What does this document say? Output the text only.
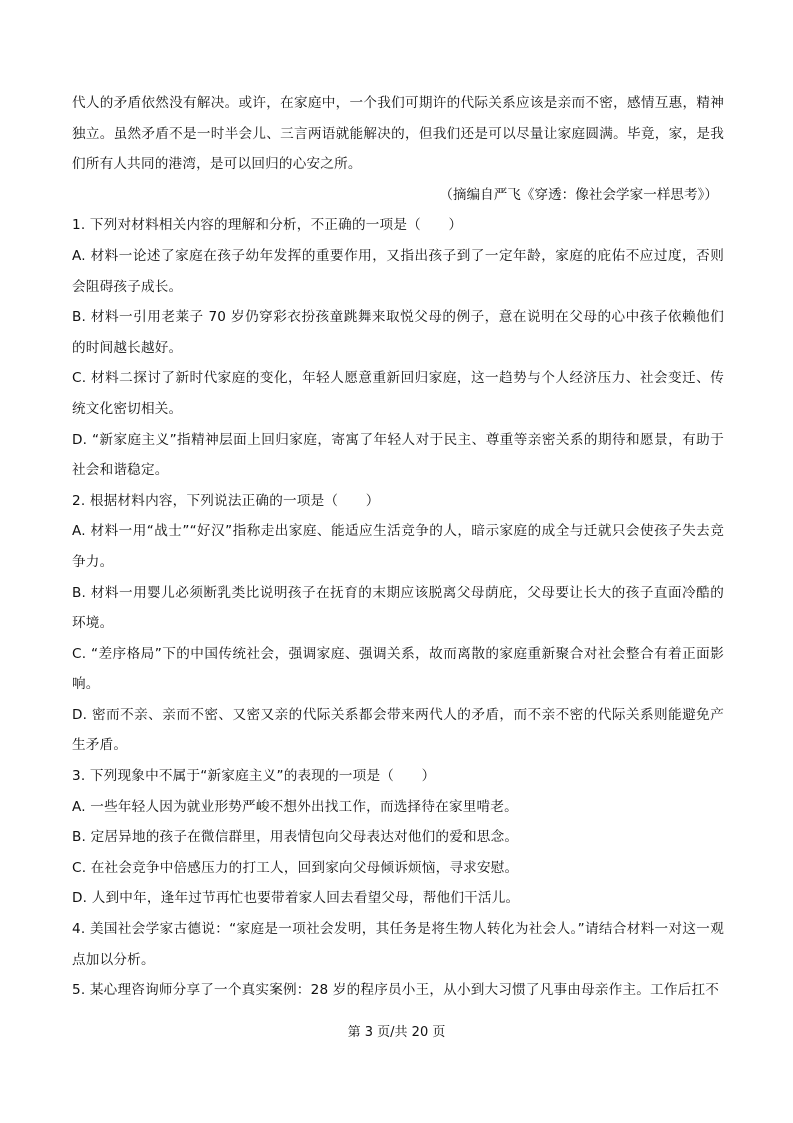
代人的矛盾依然没有解决。或许，在家庭中，一个我们可期许的代际关系应该是亲而不密，感情互惠，精神独立。虽然矛盾不是一时半会儿、三言两语就能解决的，但我们还是可以尽量让家庭圆满。毕竟，家，是我们所有人共同的港湾，是可以回归的心安之所。

（摘编自严飞《穿透：像社会学家一样思考》）

1. 下列对材料相关内容的理解和分析，不正确的一项是（　　）

A. 材料一论述了家庭在孩子幼年发挥的重要作用，又指出孩子到了一定年龄，家庭的庇佑不应过度，否则会阻碍孩子成长。

B. 材料一引用老莱子 70 岁仍穿彩衣扮孩童跳舞来取悦父母的例子，意在说明在父母的心中孩子依赖他们的时间越长越好。

C. 材料二探讨了新时代家庭的变化，年轻人愿意重新回归家庭，这一趋势与个人经济压力、社会变迁、传统文化密切相关。

D. “新家庭主义”指精神层面上回归家庭，寄寓了年轻人对于民主、尊重等亲密关系的期待和愿景，有助于社会和谐稳定。

2. 根据材料内容，下列说法正确的一项是（　　）

A. 材料一用“战士”“好汉”指称走出家庭、能适应生活竞争的人，暗示家庭的成全与迁就只会使孩子失去竞争力。

B. 材料一用婴儿必须断乳类比说明孩子在抚育的末期应该脱离父母荫庇，父母要让长大的孩子直面冷酷的环境。

C. “差序格局”下的中国传统社会，强调家庭、强调关系，故而离散的家庭重新聚合对社会整合有着正面影响。

D. 密而不亲、亲而不密、又密又亲的代际关系都会带来两代人的矛盾，而不亲不密的代际关系则能避免产生矛盾。

3. 下列现象中不属于“新家庭主义”的表现的一项是（　　）

A. 一些年轻人因为就业形势严峻不想外出找工作，而选择待在家里啃老。

B. 定居异地的孩子在微信群里，用表情包向父母表达对他们的爱和思念。

C. 在社会竞争中倍感压力的打工人，回到家向父母倾诉烦恼，寻求安慰。

D. 人到中年，逢年过节再忙也要带着家人回去看望父母，帮他们干活儿。

4. 美国社会学家古德说：“家庭是一项社会发明，其任务是将生物人转化为社会人。”请结合材料一对这一观点加以分析。

5. 某心理咨询师分享了一个真实案例：28 岁的程序员小王，从小到大习惯了凡事由母亲作主。工作后扛不

第 3 页/共 20 页
